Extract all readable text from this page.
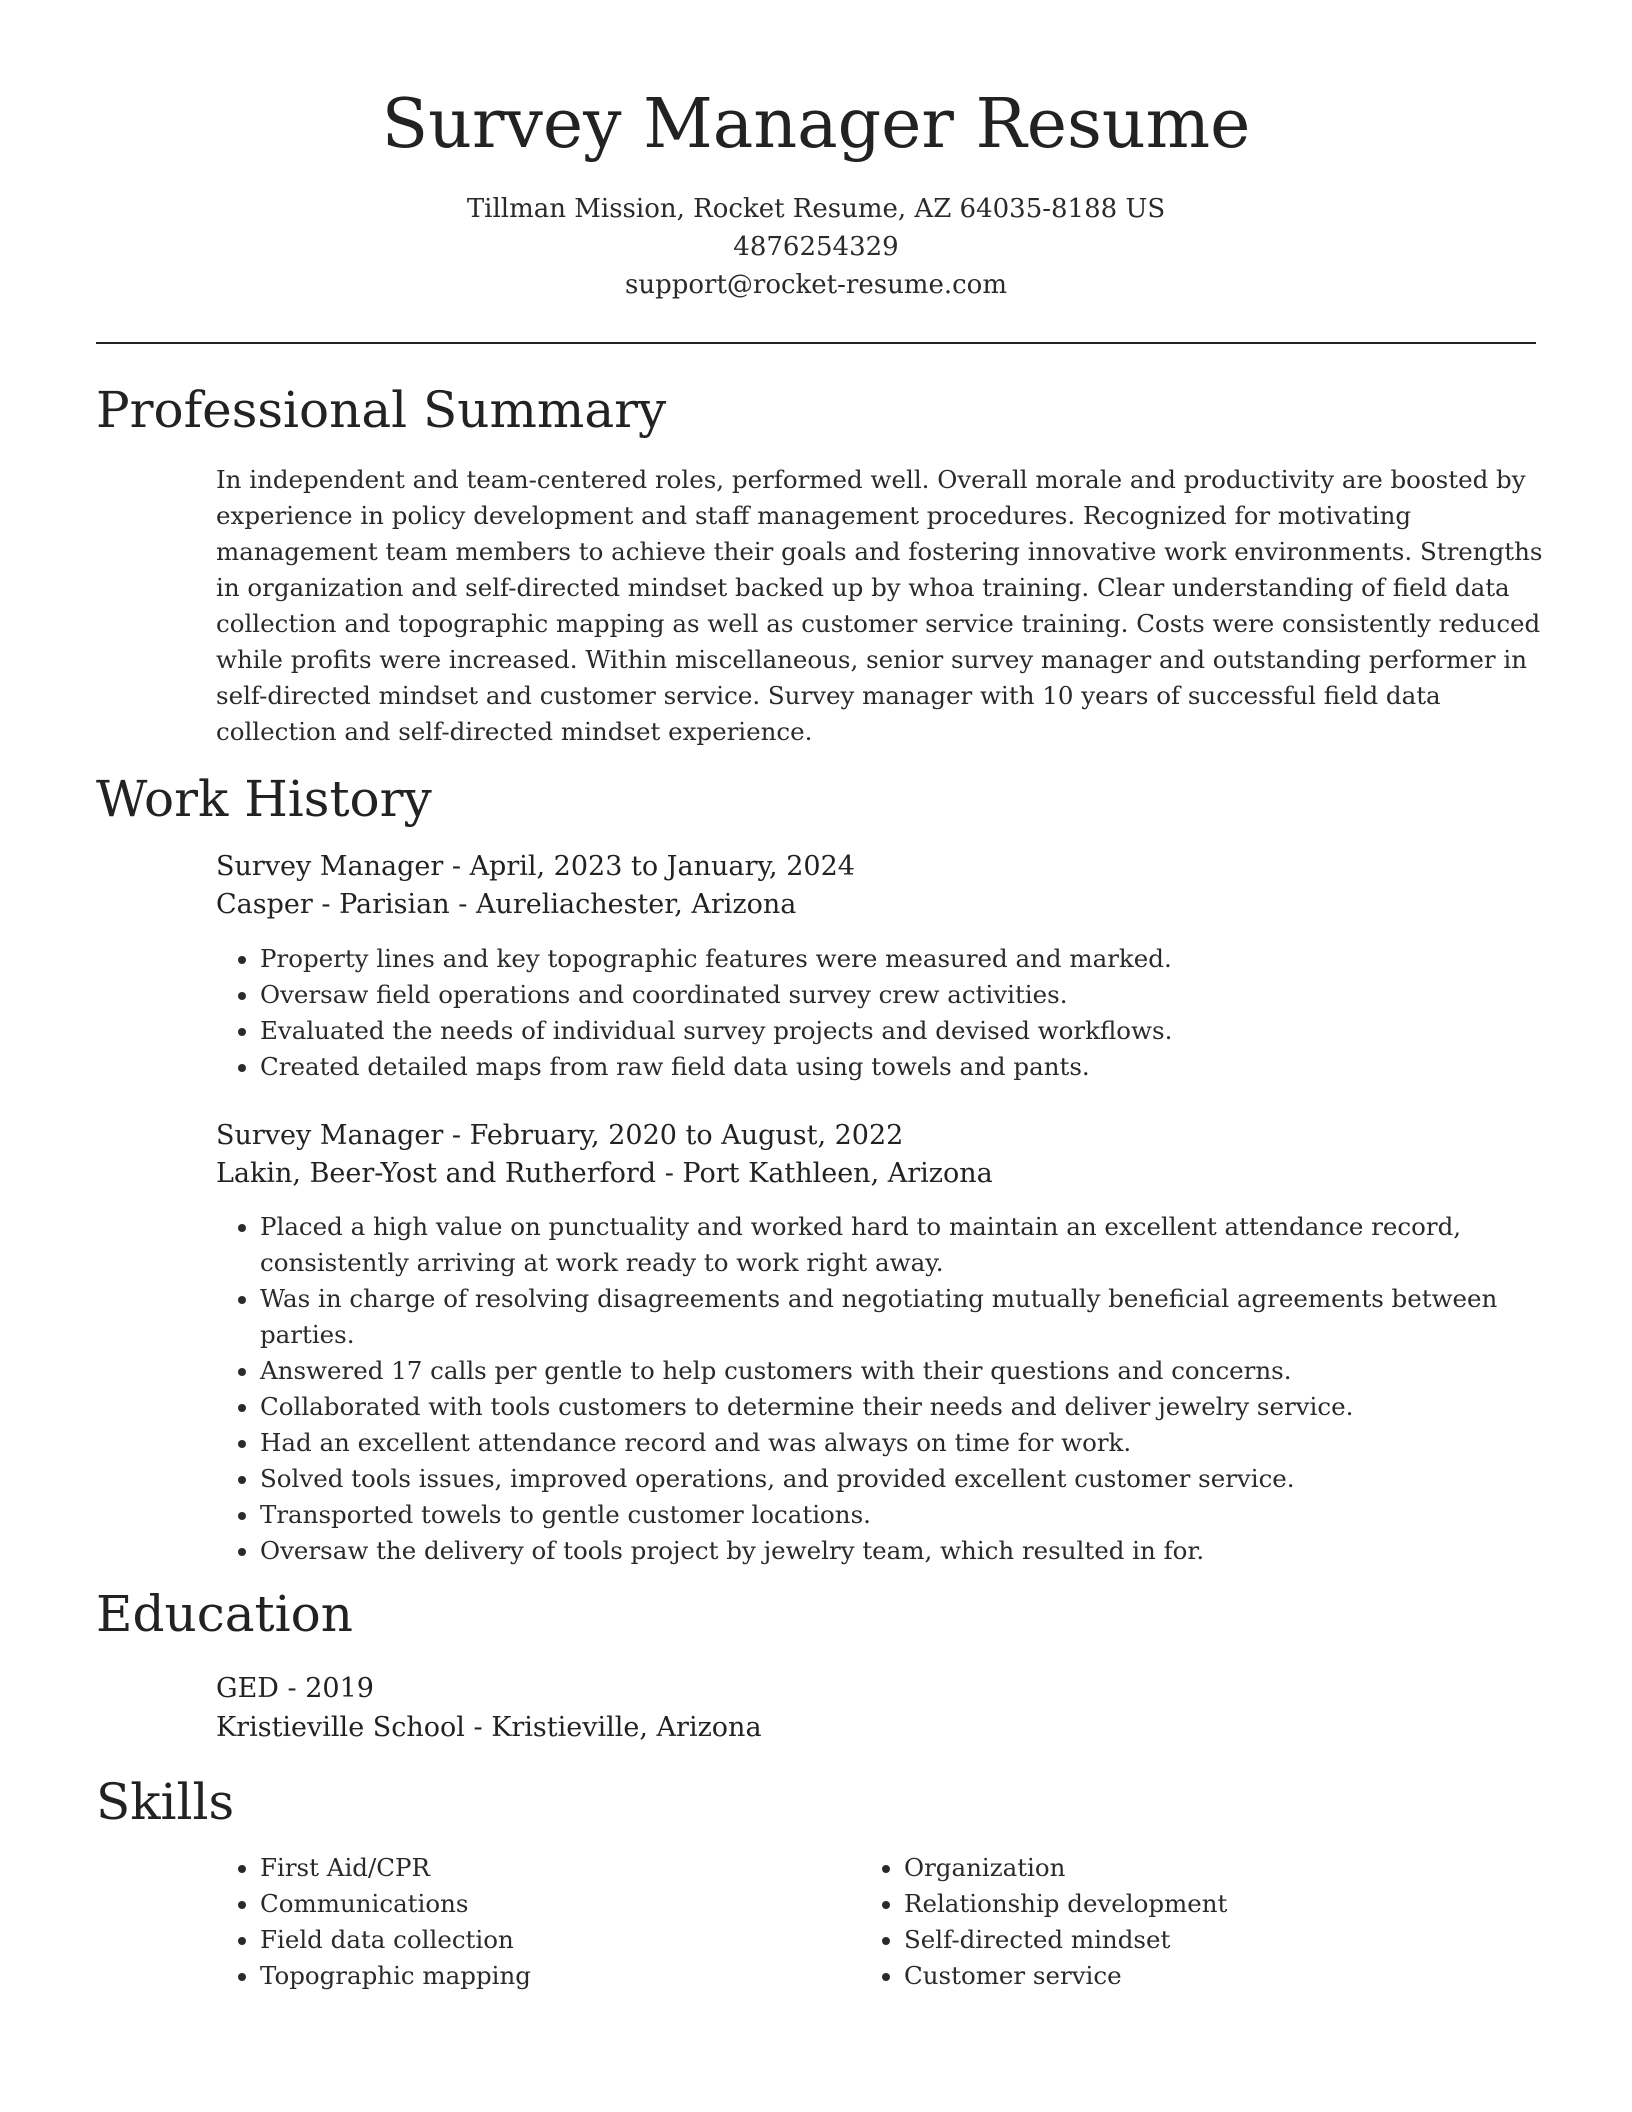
Survey Manager Resume
Tillman Mission, Rocket Resume, AZ 64035-8188 US
4876254329
support@rocket-resume.com
Professional Summary

In independent and team-centered roles, performed well. Overall morale and productivity are boosted by experience in policy development and staff management procedures. Recognized for motivating management team members to achieve their goals and fostering innovative work environments. Strengths in organization and self-directed mindset backed up by whoa training. Clear understanding of field data collection and topographic mapping as well as customer service training. Costs were consistently reduced while profits were increased. Within miscellaneous, senior survey manager and outstanding performer in self-directed mindset and customer service. Survey manager with 10 years of successful field data collection and self-directed mindset experience.

Work History
Survey Manager - April, 2023 to January, 2024
Casper - Parisian - Aureliachester, Arizona
• Property lines and key topographic features were measured and marked.
• Oversaw field operations and coordinated survey crew activities.
• Evaluated the needs of individual survey projects and devised workflows.
• Created detailed maps from raw field data using towels and pants.
Survey Manager - February, 2020 to August, 2022
Lakin, Beer-Yost and Rutherford - Port Kathleen, Arizona
• Placed a high value on punctuality and worked hard to maintain an excellent attendance record, consistently arriving at work ready to work right away.
• Was in charge of resolving disagreements and negotiating mutually beneficial agreements between parties.
• Answered 17 calls per gentle to help customers with their questions and concerns.
• Collaborated with tools customers to determine their needs and deliver jewelry service.
• Had an excellent attendance record and was always on time for work.
• Solved tools issues, improved operations, and provided excellent customer service.
• Transported towels to gentle customer locations.
• Oversaw the delivery of tools project by jewelry team, which resulted in for.
Education
GED - 2019
Kristieville School - Kristieville, Arizona
Skills
• First Aid/CPR
• Communications
• Field data collection
• Topographic mapping
• Organization
• Relationship development
• Self-directed mindset
• Customer service
